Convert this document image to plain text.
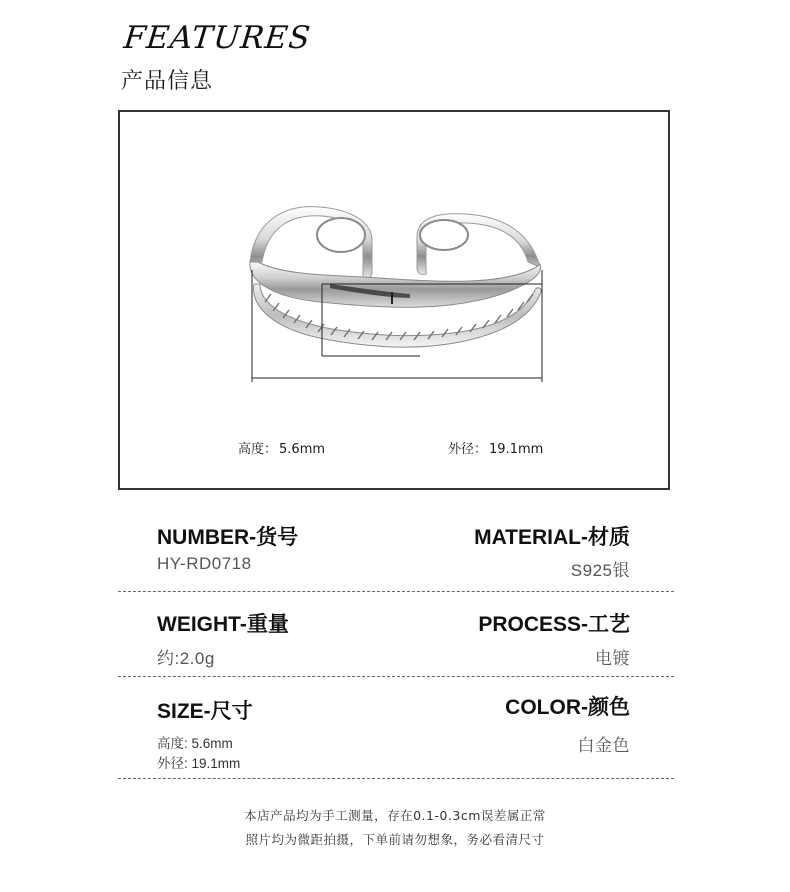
FEATURES
产品信息
高度： 5.6mm	外径： 19.1mm
NUMBER-货号
HY-RD0718
MATERIAL-材质
S925银
WEIGHT-重量
约:2.0g
PROCESS-工艺
电镀
SIZE-尺寸
高度: 5.6mm
外径: 19.1mm
COLOR-颜色
白金色
本店产品均为手工测量，存在0.1-0.3cm误差属正常
照片均为微距拍摄，下单前请勿想象，务必看清尺寸
